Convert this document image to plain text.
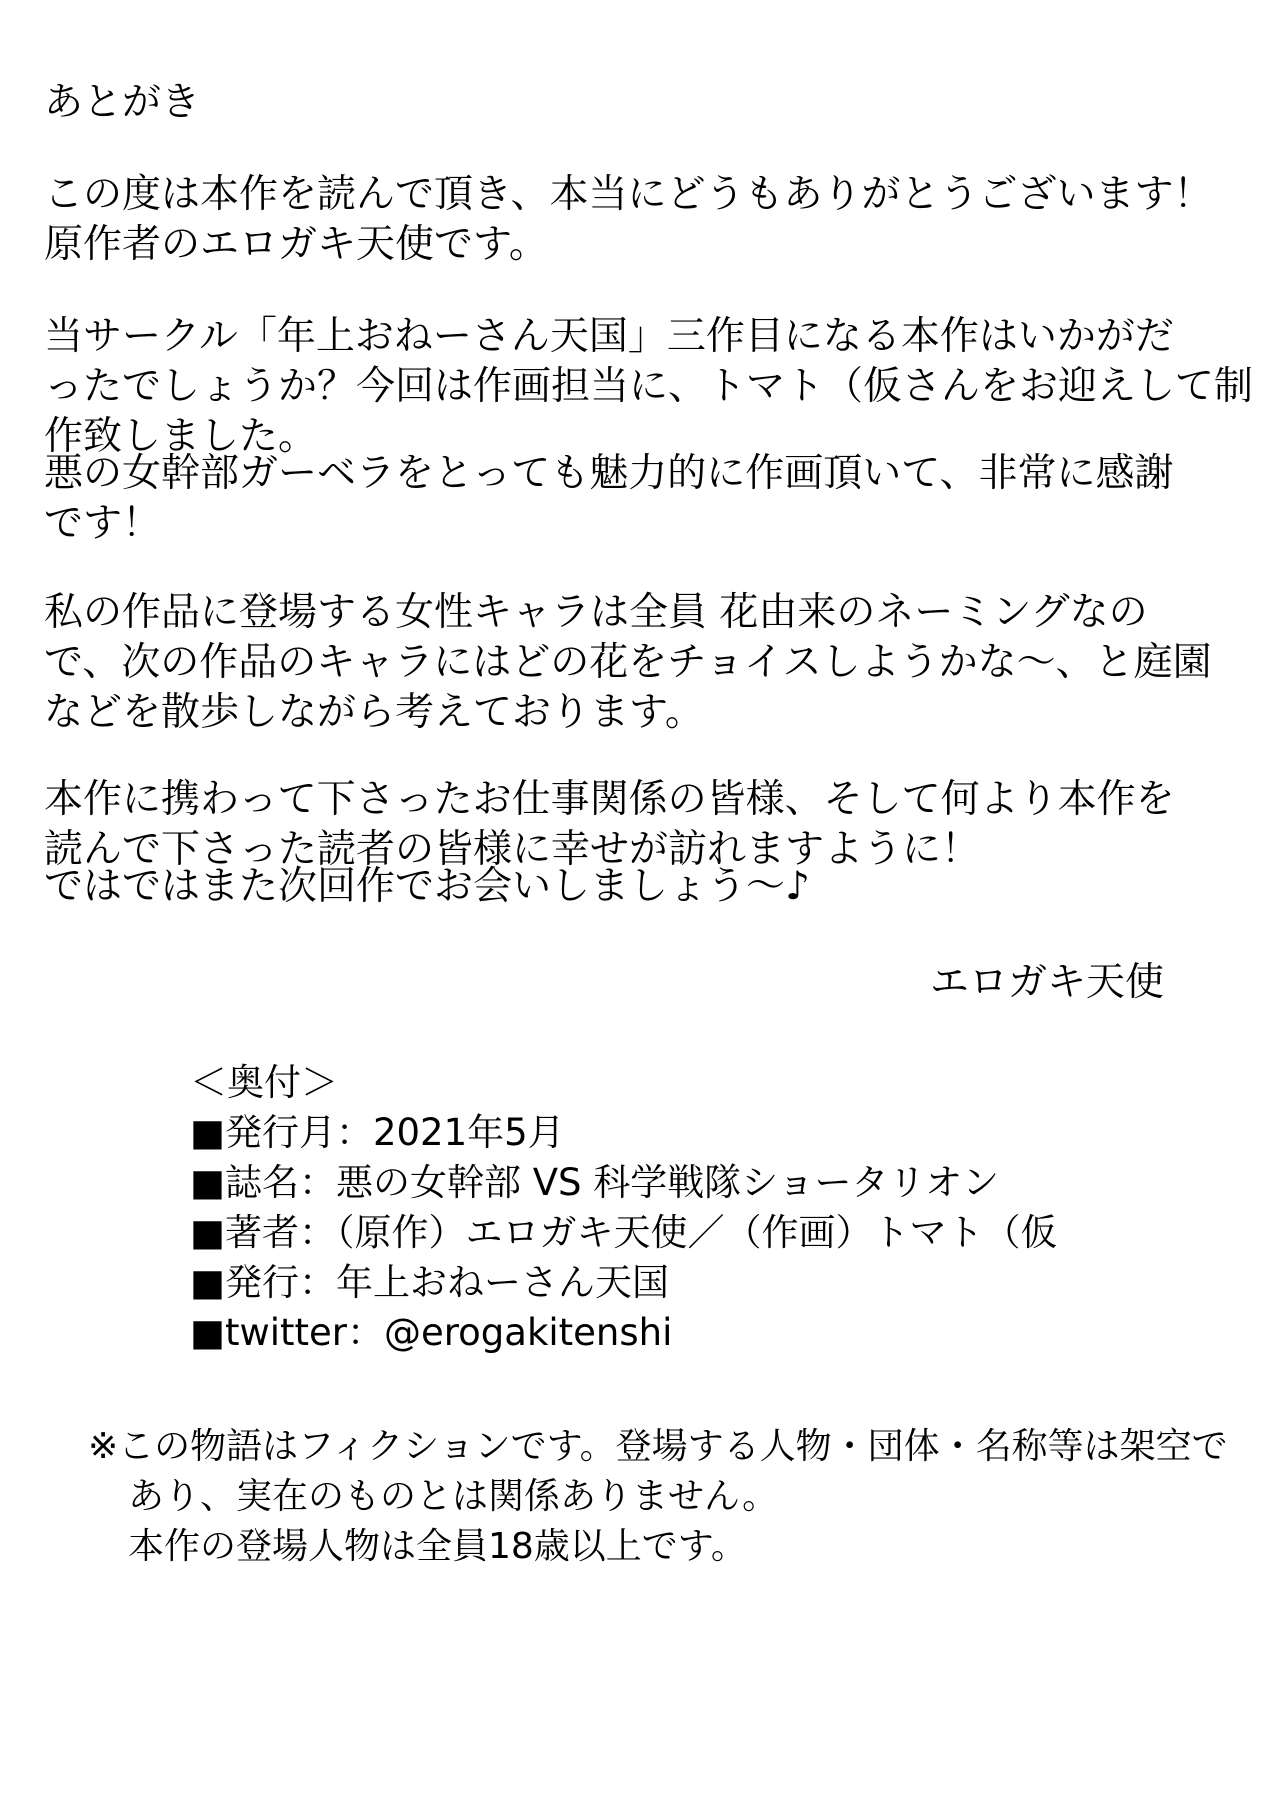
あとがき
この度は本作を読んで頂き、本当にどうもありがとうございます！
原作者のエロガキ天使です。
当サークル「年上おねーさん天国」三作目になる本作はいかがだ
ったでしょうか？今回は作画担当に、トマト（仮さんをお迎えして制
作致しました。
悪の女幹部ガーベラをとっても魅力的に作画頂いて、非常に感謝
です！
私の作品に登場する女性キャラは全員 花由来のネーミングなの
で、次の作品のキャラにはどの花をチョイスしようかな～、と庭園
などを散歩しながら考えております。
本作に携わって下さったお仕事関係の皆様、そして何より本作を
読んで下さった読者の皆様に幸せが訪れますように！
ではではまた次回作でお会いしましょう～♪
エロガキ天使
＜奥付＞
■発行月：2021年5月
■誌名：悪の女幹部 VS 科学戦隊ショータリオン
■著者：（原作）エロガキ天使／（作画）トマト（仮
■発行：年上おねーさん天国
■twitter：@erogakitenshi
※この物語はフィクションです。登場する人物・団体・名称等は架空で
あり、実在のものとは関係ありません。
本作の登場人物は全員18歳以上です。
